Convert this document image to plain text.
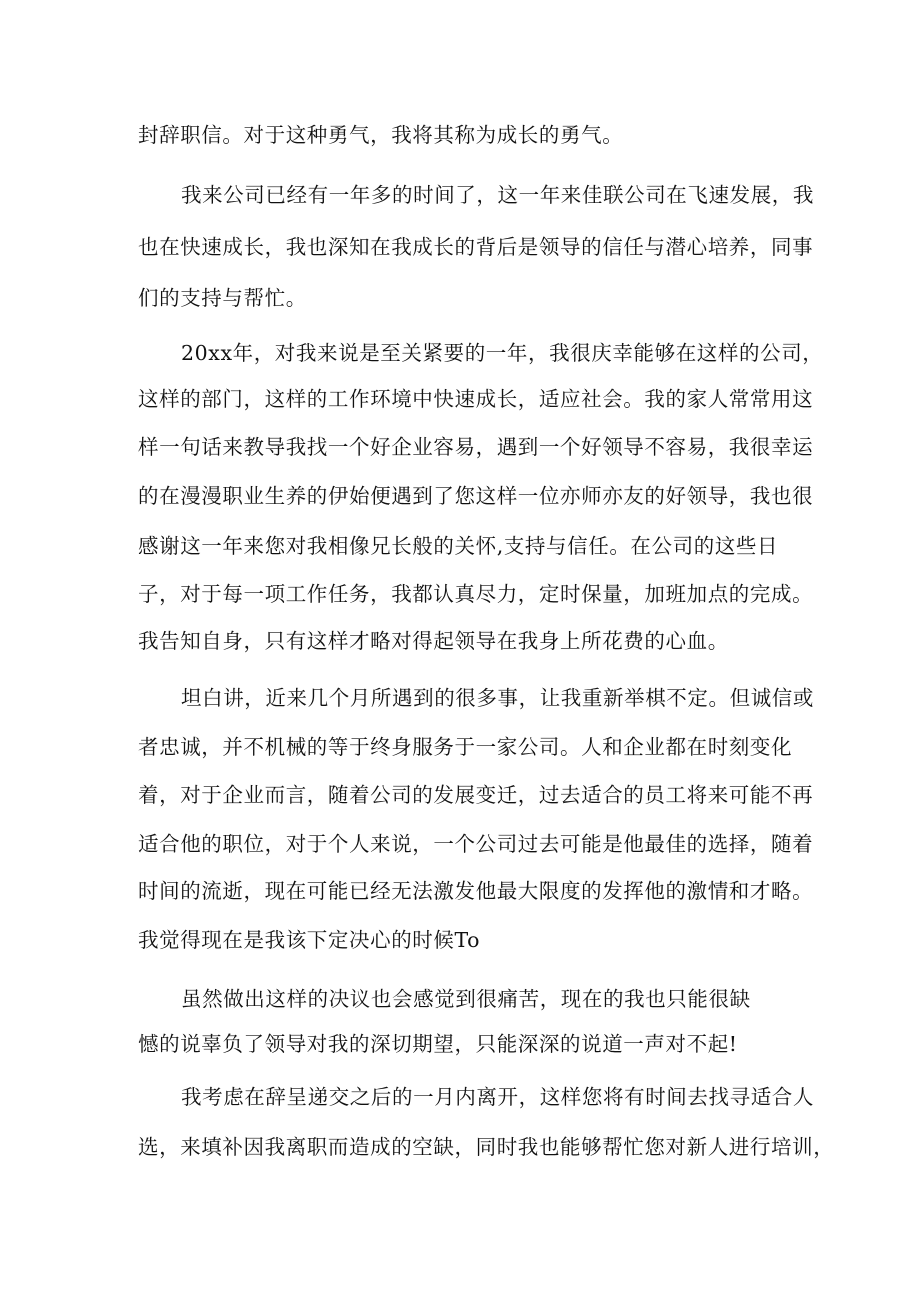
封辞职信。对于这种勇气，我将其称为成长的勇气。
我来公司已经有一年多的时间了，这一年来佳联公司在飞速发展，我
也在快速成长，我也深知在我成长的背后是领导的信任与潜心培养，同事
们的支持与帮忙。
20xx年，对我来说是至关紧要的一年，我很庆幸能够在这样的公司，
这样的部门，这样的工作环境中快速成长，适应社会。我的家人常常用这
样一句话来教导我找一个好企业容易，遇到一个好领导不容易，我很幸运
的在漫漫职业生养的伊始便遇到了您这样一位亦师亦友的好领导，我也很
感谢这一年来您对我相像兄长般的关怀,支持与信任。在公司的这些日
子，对于每一项工作任务，我都认真尽力，定时保量，加班加点的完成。
我告知自身，只有这样才略对得起领导在我身上所花费的心血。
坦白讲，近来几个月所遇到的很多事，让我重新举棋不定。但诚信或
者忠诚，并不机械的等于终身服务于一家公司。人和企业都在时刻变化
着，对于企业而言，随着公司的发展变迁，过去适合的员工将来可能不再
适合他的职位，对于个人来说，一个公司过去可能是他最佳的选择，随着
时间的流逝，现在可能已经无法激发他最大限度的发挥他的激情和才略。
我觉得现在是我该下定决心的时候To
虽然做出这样的决议也会感觉到很痛苦，现在的我也只能很缺
憾的说辜负了领导对我的深切期望，只能深深的说道一声对不起!
我考虑在辞呈递交之后的一月内离开，这样您将有时间去找寻适合人
选，来填补因我离职而造成的空缺，同时我也能够帮忙您对新人进行培训，
